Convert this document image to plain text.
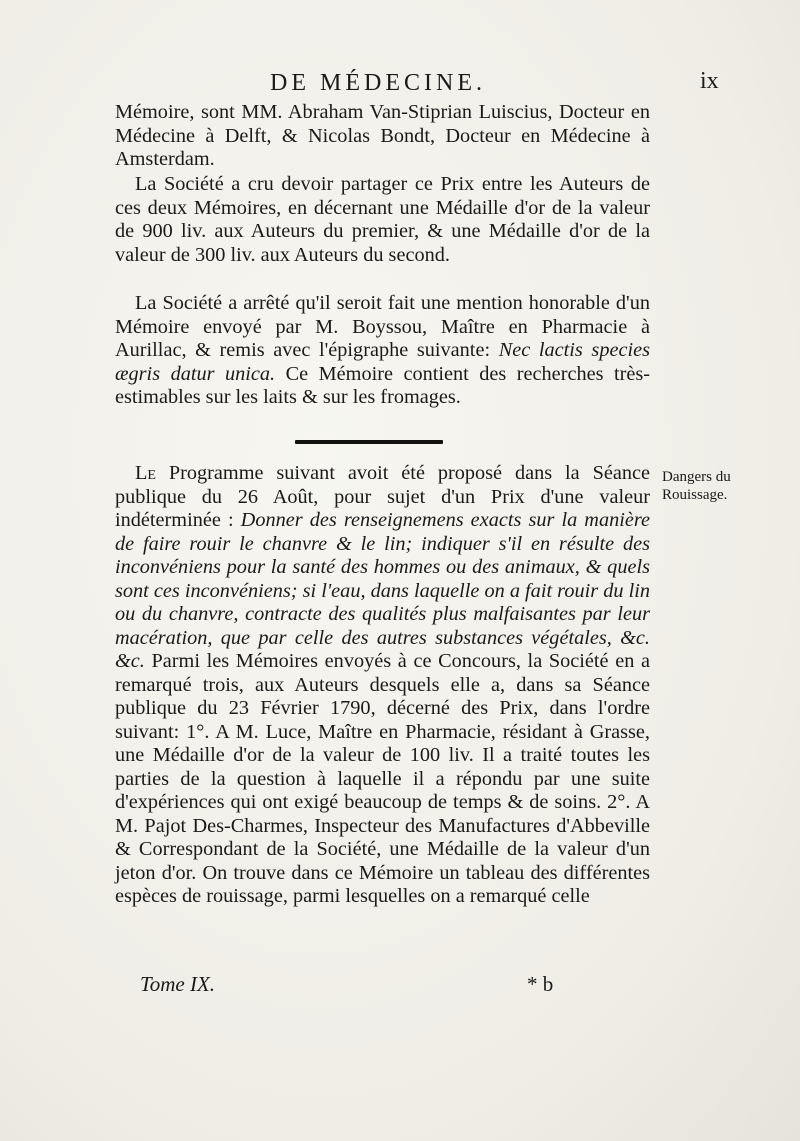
DE MÉDECINE.	ix
Mémoire, sont MM. Abraham Van-Stiprian Luiscius, Docteur en Médecine à Delft, & Nicolas Bondt, Docteur en Médecine à Amsterdam.
La Société a cru devoir partager ce Prix entre les Auteurs de ces deux Mémoires, en décernant une Médaille d'or de la valeur de 900 liv. aux Auteurs du premier, & une Médaille d'or de la valeur de 300 liv. aux Auteurs du second.
La Société a arrêté qu'il seroit fait une mention honorable d'un Mémoire envoyé par M. Boyssou, Maître en Pharmacie à Aurillac, & remis avec l'épigraphe suivante: Nec lactis species ægris datur unica. Ce Mémoire contient des recherches très-estimables sur les laits & sur les fromages.
Le Programme suivant avoit été proposé dans la Séance publique du 26 Août, pour sujet d'un Prix d'une valeur indéterminée : Donner des renseignemens exacts sur la manière de faire rouir le chanvre & le lin; indiquer s'il en résulte des inconvéniens pour la santé des hommes ou des animaux, & quels sont ces inconvéniens; si l'eau, dans laquelle on a fait rouir du lin ou du chanvre, contracte des qualités plus malfaisantes par leur macération, que par celle des autres substances végétales, &c. &c. Parmi les Mémoires envoyés à ce Concours, la Société en a remarqué trois, aux Auteurs desquels elle a, dans sa Séance publique du 23 Février 1790, décerné des Prix, dans l'ordre suivant: 1°. A M. Luce, Maître en Pharmacie, résidant à Grasse, une Médaille d'or de la valeur de 100 liv. Il a traité toutes les parties de la question à laquelle il a répondu par une suite d'expériences qui ont exigé beaucoup de temps & de soins. 2°. A M. Pajot Des-Charmes, Inspecteur des Manufactures d'Abbeville & Correspondant de la Société, une Médaille de la valeur d'un jeton d'or. On trouve dans ce Mémoire un tableau des différentes espèces de rouissage, parmi lesquelles on a remarqué celle
Dangers du Rouissage.
Tome IX.	* b
